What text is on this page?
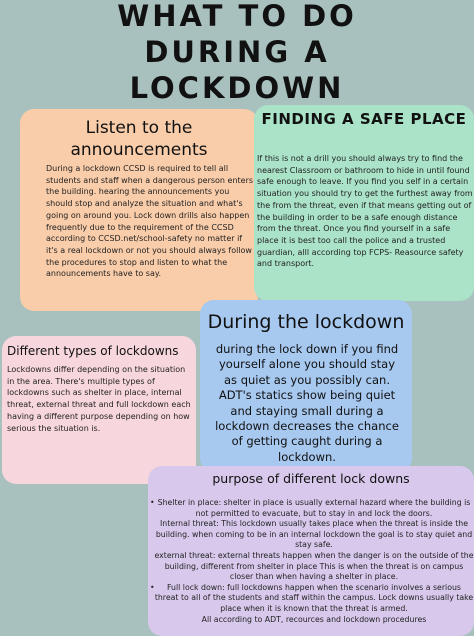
WHAT TO DO
DURING A
LOCKDOWN
Listen to the announcements
During a lockdown CCSD is required to tell all students and staff when a dangerous person enters the building. hearing the announcements you should stop and analyze the situation and what's going on around you. Lock down drills also happen frequently due to the requirement of the CCSD according to CCSD.net/school-safety no matter if it's a real lockdown or not you should always follow the procedures to stop and listen to what the announcements have to say.
FINDING A SAFE PLACE
If this is not a drill you should always try to find the nearest Classroom or bathroom to hide in until found safe enough to leave. If you find you self in a certain situation you should try to get the furthest away from the from the threat, even if that means getting out of the building in order to be a safe enough distance from the threat. Once you find yourself in a safe place it is best too call the police and a trusted guardian, alll according top FCPS- Reasource safety and transport.
Different types of lockdowns
Lockdowns differ depending on the situation in the area. There's multiple types of lockdowns such as shelter in place, internal threat, external threat and full lockdown each having a different purpose depending on how serious the situation is.
During the lockdown
during the lock down if you find yourself alone you should stay as quiet as you possibly can. ADT's statics show being quiet and staying small during a lockdown decreases the chance of getting caught during a lockdown.
purpose of different lock downs
• Shelter in place: shelter in place is usually external hazard where the building is not permitted to evacuate, but to stay in and lock the doors.
Internal threat: This lockdown usually takes place when the threat is inside the building. when coming to be in an internal lockdown the goal is to stay quiet and stay safe.
external threat: external threats happen when the danger is on the outside of the building, different from shelter in place This is when the threat is on campus closer than when having a shelter in place.
• Full lock down: full lockdowns happen when the scenario involves a serious threat to all of the students and staff within the campus. Lock downs usually take place when it is known that the threat is armed.
All according to ADT, recources and lockdown procedures
